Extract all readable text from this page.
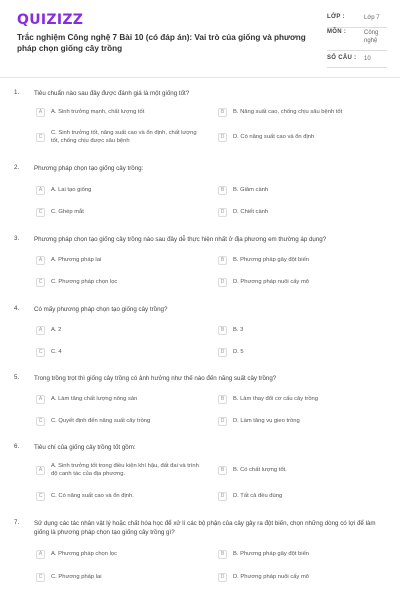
QUIZIZZ
Trắc nghiệm Công nghệ 7 Bài 10 (có đáp án): Vai trò của giống và phương pháp chọn giống cây trồng
LỚP :	Lớp 7
MÔN :	Công nghệ
SỐ CÂU : 10
1. Tiêu chuẩn nào sau đây được đánh giá là một giống tốt?
A	A. Sinh trưởng mạnh, chất lượng tốt	B	B. Năng suất cao, chống chịu sâu bệnh tốt
C
C. Sinh trưởng tốt, năng suất cao và ổn định, chất lượng tốt, chống chịu được sâu bệnh
D	D. Có năng suất cao và ổn định
2. Phương pháp chọn tạo giống cây trồng:
A	A. Lai tạo giống	B	B. Giâm cành
C	C. Ghép mắt	D	D. Chiết cành
3. Phương pháp chọn tạo giống cây trồng nào sau đây dễ thực hiện nhất ở địa phương em thường áp dụng?
A	A. Phương pháp lai	B	B. Phương pháp gây đột biến
C	C. Phương pháp chọn lọc	D	D. Phương pháp nuôi cấy mô
4. Có mấy phương pháp chọn tạo giống cây trồng?
A	A. 2	B	B. 3
C	C. 4	D	D. 5
5. Trong trồng trọt thì giống cây trồng có ảnh hưởng như thế nào đến năng suất cây trồng?
A	A. Làm tăng chất lượng nông sản	B	B. Làm thay đổi cơ cấu cây trồng
C	C. Quyết định đến năng suất cây trồng	D	D. Làm tăng vụ gieo trồng
6. Tiêu chí của giống cây trồng tốt gồm:
A
A. Sinh trưởng tốt trong điều kiện khí hậu, đất đai và trình độ canh tác của địa phương.
B	B. Có chất lượng tốt.
C	C. Có năng suất cao và ổn định.	D	D. Tất cả đều đúng
7. Sử dụng các tác nhân vật lý hoặc chất hóa học để xử lí các bộ phận của cây gây ra đột biến, chọn những dòng có lợi để làm giống là phương pháp chọn tạo giống cây trồng gì?
A	A. Phương pháp chọn lọc	B	B. Phương pháp gây đột biến
C	C. Phương pháp lai	D	D. Phương pháp nuôi cấy mô
